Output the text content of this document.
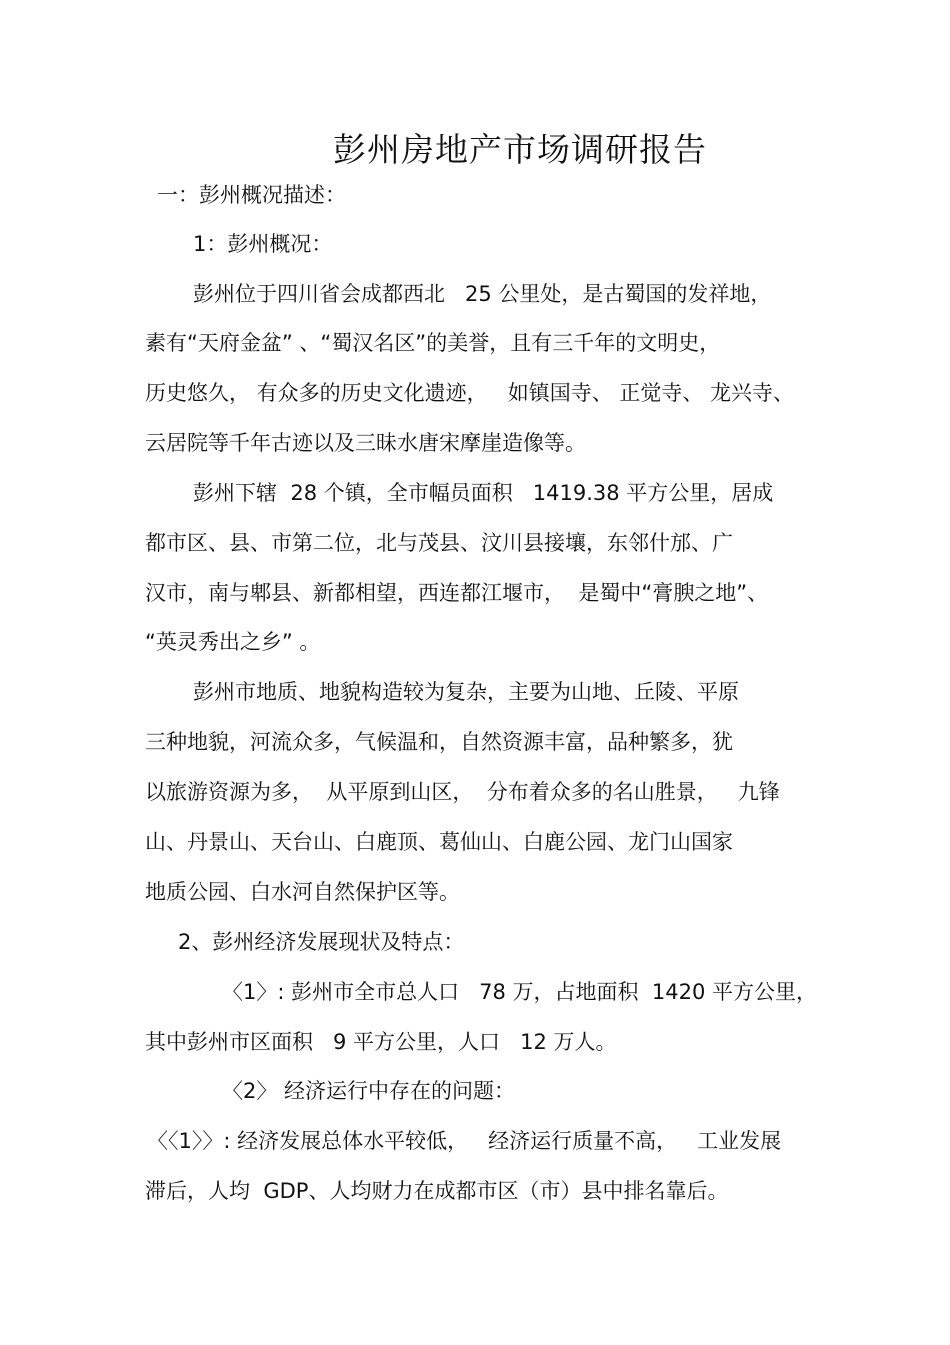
彭州房地产市场调研报告
一：彭州概况描述：
1：彭州概况：
彭州位于四川省会成都西北   25 公里处，是古蜀国的发祥地，
素有“天府金盆” 、“蜀汉名区”的美誉，且有三千年的文明史，
历史悠久， 有众多的历史文化遗迹，   如镇国寺、 正觉寺、 龙兴寺、
云居院等千年古迹以及三昧水唐宋摩崖造像等。
彭州下辖  28 个镇，全市幅员面积   1419.38 平方公里，居成
都市区、县、市第二位，北与茂县、汶川县接壤，东邻什邡、广
汉市，南与郫县、新都相望，西连都江堰市，  是蜀中“膏腴之地”、
“英灵秀出之乡” 。
彭州市地质、地貌构造较为复杂，主要为山地、丘陵、平原
三种地貌，河流众多，气候温和，自然资源丰富，品种繁多，犹
以旅游资源为多，  从平原到山区，  分布着众多的名山胜景，   九锋
山、丹景山、天台山、白鹿顶、葛仙山、白鹿公园、龙门山国家
地质公园、白水河自然保护区等。
2、彭州经济发展现状及特点：
〈1〉: 彭州市全市总人口   78 万，占地面积  1420 平方公里，
其中彭州市区面积   9 平方公里，人口   12 万人。
〈2〉 经济运行中存在的问题：
〈〈1〉〉: 经济发展总体水平较低，   经济运行质量不高，   工业发展
滞后，人均  GDP、人均财力在成都市区（市）县中排名靠后。
